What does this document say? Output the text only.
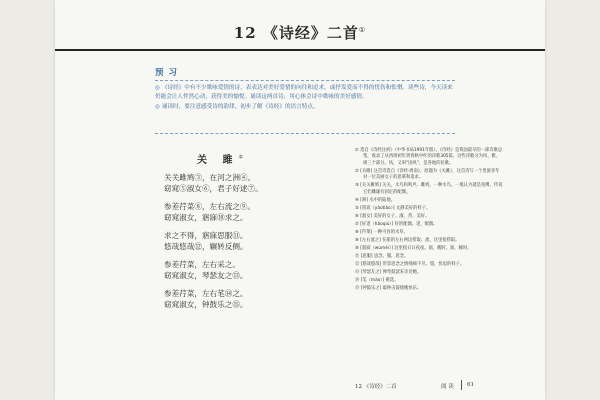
12 《诗经》二首①
预 习

◎ 《诗经》中有不少歌咏爱情的诗，表表达对美好爱情的向往和追求，或抒发爱而不得的忧伤和怅惘。读些诗，今天读来仍能会让人怦然心动，获得美的愉悦。诵读这两首诗，用心体会诗中歌咏的美好感情。

◎ 诵读时，要注意感受诗的韵律，初步了解《诗经》的语言特点。

关 雎②
关关雎鸠③，在河之洲④。
窈窕⑤淑女⑥，君子好逑⑦。
参差荇菜⑧，左右流之⑨。
窈窕淑女，寤寐⑩求之。
求之不得，寤寐思服⑪。
悠哉悠哉⑫，辗转反侧。
参差荇菜，左右采之。
窈窕淑女，琴瑟友之⑬。
参差荇菜，左右芼⑭之。
窈窕淑女，钟鼓乐之⑮。
① 选自《诗经注析》（中华书局1991年版）。《诗经》是我国最早的一部诗歌总集，收录了从西周初年到春秋中叶的诗歌305篇，这些诗歌分为风、雅、颂三个部分。风，又叫“国风”，是各地的民歌。
② [关雎] 这首诗选自《诗经·周南》，原题为《关雎》，这首诗写一个贵族青年对一位美丽女子的思慕和追求。
③ [关关雎鸠] 关关，水鸟和鸣声。雎鸠，一种水鸟，一般认为就是鱼鹰，传说它们雌雄有固定的配偶。
④ [洲] 水中的陆地。
⑤ [窈窕（yǎotiǎo）] 文静美好的样子。
⑥ [淑女] 美好的女子。淑，善，美好。
⑦ [好逑（hǎoqiú）] 好的配偶。逑，配偶。
⑧ [荇菜] 一种可食的水草。
⑨ [左右流之] 在船的左右两边捞取。流，这里指捞取。
⑩ [寤寐（wùmèi）] 这里指日日夜夜。寤，醒时。寐，睡时。
⑪ [思服] 思念。服，思念。
⑫ [悠哉悠哉] 形容思念之情绵绵不尽。悠，忧思的样子。
⑬ [琴瑟友之] 弹琴鼓瑟来亲近她。
⑭ [芼（mào）] 挑选。
⑮ [钟鼓乐之] 敲钟击鼓使她快乐。
12 《诗经》二首	阅 读 61
